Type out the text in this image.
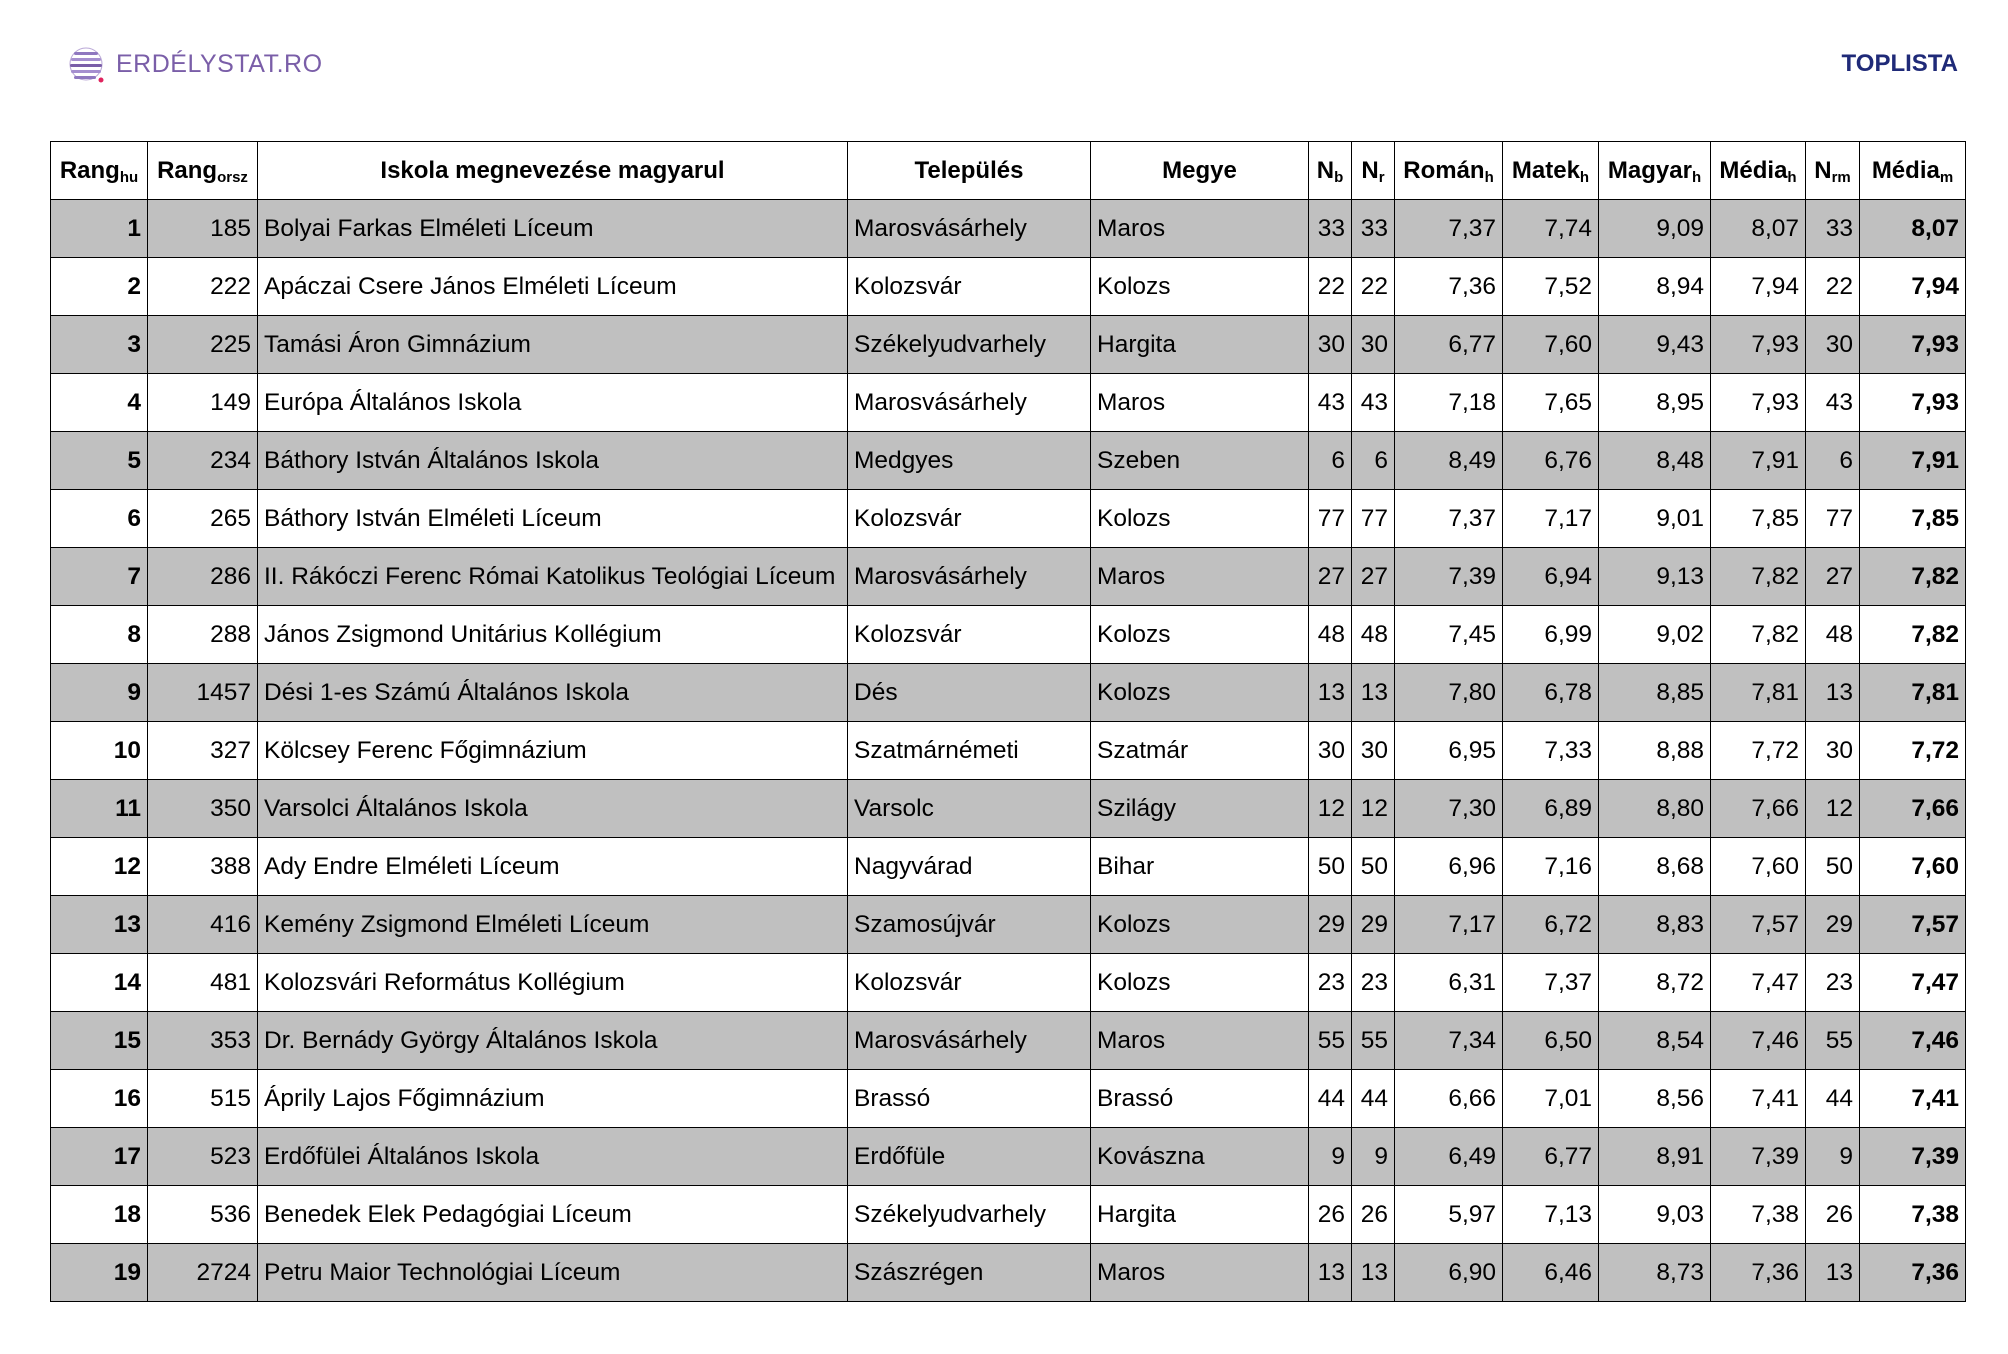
ERDÉLYSTAT.RO	TOPLISTA
Rang$_{hu}$	Rang$_{orsz}$	Iskola megnevezése magyarul	Település	Megye	$N_b$	$N_r$	Román$_h$	Matek$_h$	Magyar$_h$	Média$_h$	$N_{rm}$	Média$_m$
1	185	Bolyai Farkas Elméleti Líceum	Marosvásárhely	Maros	33	33	7,37	7,74	9,09	8,07	33	8,07
2	222	Apáczai Csere János Elméleti Líceum	Kolozsvár	Kolozs	22	22	7,36	7,52	8,94	7,94	22	7,94
3	225	Tamási Áron Gimnázium	Székelyudvarhely	Hargita	30	30	6,77	7,60	9,43	7,93	30	7,93
4	149	Európa Általános Iskola	Marosvásárhely	Maros	43	43	7,18	7,65	8,95	7,93	43	7,93
5	234	Báthory István Általános Iskola	Medgyes	Szeben	6	6	8,49	6,76	8,48	7,91	6	7,91
6	265	Báthory István Elméleti Líceum	Kolozsvár	Kolozs	77	77	7,37	7,17	9,01	7,85	77	7,85
7	286	II. Rákóczi Ferenc Római Katolikus Teológiai Líceum	Marosvásárhely	Maros	27	27	7,39	6,94	9,13	7,82	27	7,82
8	288	János Zsigmond Unitárius Kollégium	Kolozsvár	Kolozs	48	48	7,45	6,99	9,02	7,82	48	7,82
9	1457	Dési 1-es Számú Általános Iskola	Dés	Kolozs	13	13	7,80	6,78	8,85	7,81	13	7,81
10	327	Kölcsey Ferenc Főgimnázium	Szatmárnémeti	Szatmár	30	30	6,95	7,33	8,88	7,72	30	7,72
11	350	Varsolci Általános Iskola	Varsolc	Szilágy	12	12	7,30	6,89	8,80	7,66	12	7,66
12	388	Ady Endre Elméleti Líceum	Nagyvárad	Bihar	50	50	6,96	7,16	8,68	7,60	50	7,60
13	416	Kemény Zsigmond Elméleti Líceum	Szamosújvár	Kolozs	29	29	7,17	6,72	8,83	7,57	29	7,57
14	481	Kolozsvári Református Kollégium	Kolozsvár	Kolozs	23	23	6,31	7,37	8,72	7,47	23	7,47
15	353	Dr. Bernády György Általános Iskola	Marosvásárhely	Maros	55	55	7,34	6,50	8,54	7,46	55	7,46
16	515	Áprily Lajos Főgimnázium	Brassó	Brassó	44	44	6,66	7,01	8,56	7,41	44	7,41
17	523	Erdőfülei Általános Iskola	Erdőfüle	Kovászna	9	9	6,49	6,77	8,91	7,39	9	7,39
18	536	Benedek Elek Pedagógiai Líceum	Székelyudvarhely	Hargita	26	26	5,97	7,13	9,03	7,38	26	7,38
19	2724	Petru Maior Technológiai Líceum	Szászrégen	Maros	13	13	6,90	6,46	8,73	7,36	13	7,36
